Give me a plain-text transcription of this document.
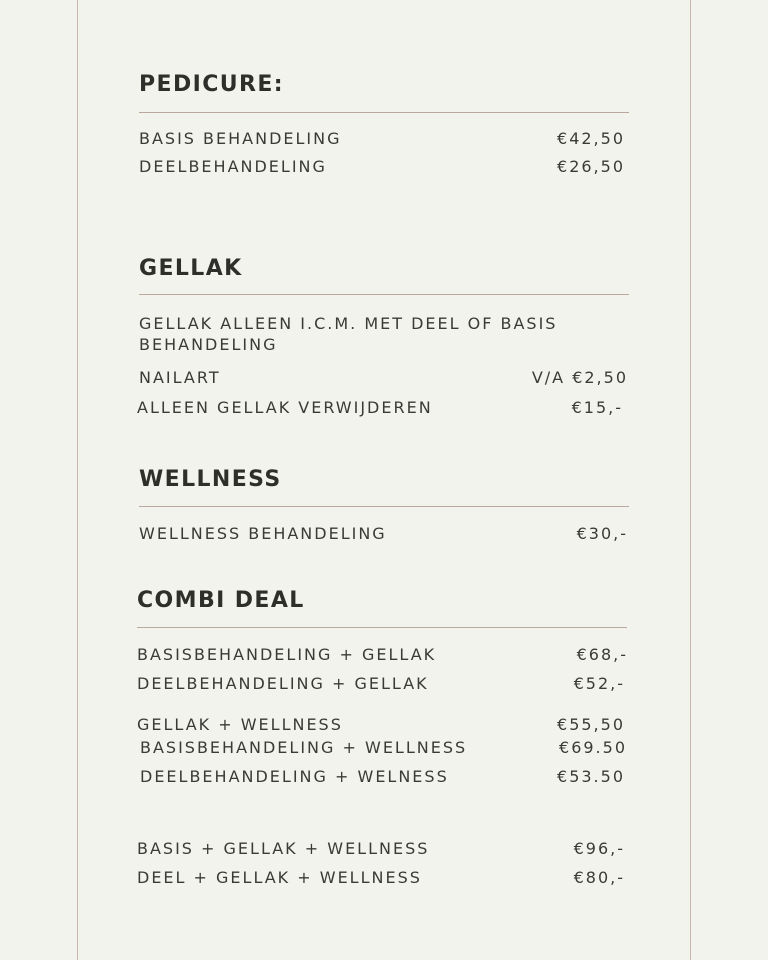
PEDICURE:

BASIS BEHANDELING	€42,50

DEELBEHANDELING	€26,50

GELLAK

GELLAK ALLEEN I.C.M. MET DEEL OF BASIS BEHANDELING

NAILART	V/A €2,50

ALLEEN GELLAK VERWIJDEREN	€15,-

WELLNESS

WELLNESS BEHANDELING	€30,-

COMBI DEAL

BASISBEHANDELING + GELLAK	€68,-

DEELBEHANDELING + GELLAK	€52,-

GELLAK + WELLNESS	€55,50

BASISBEHANDELING + WELLNESS	€69.50

DEELBEHANDELING + WELNESS	€53.50

BASIS + GELLAK + WELLNESS	€96,-

DEEL + GELLAK + WELLNESS	€80,-
